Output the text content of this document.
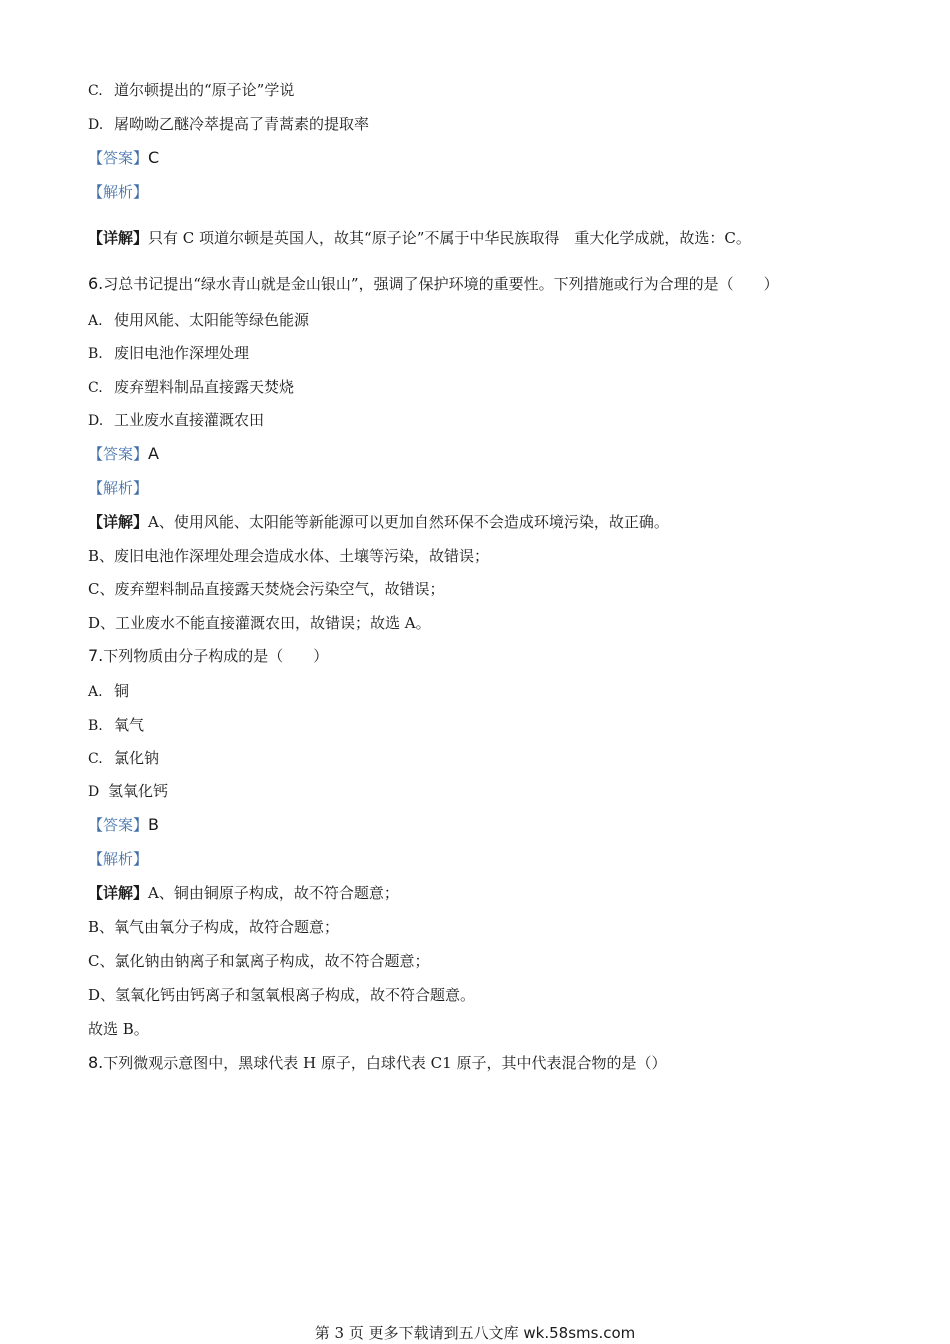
C. 道尔顿提出的“原子论”学说
D. 屠呦呦乙醚冷萃提高了青蒿素的提取率
【答案】C
【解析】
【详解】只有 C 项道尔顿是英国人，故其“原子论”不属于中华民族取得　重大化学成就，故选：C。
6.习总书记提出“绿水青山就是金山银山”，强调了保护环境的重要性。下列措施或行为合理的是（　　）
A. 使用风能、太阳能等绿色能源
B. 废旧电池作深埋处理
C. 废弃塑料制品直接露天焚烧
D. 工业废水直接灌溉农田
【答案】A
【解析】
【详解】A、使用风能、太阳能等新能源可以更加自然环保不会造成环境污染，故正确。
B、废旧电池作深埋处理会造成水体、土壤等污染，故错误；
C、废弃塑料制品直接露天焚烧会污染空气，故错误；
D、工业废水不能直接灌溉农田，故错误；故选 A。
7.下列物质由分子构成的是（　　）
A. 铜
B. 氧气
C. 氯化钠
D 氢氧化钙
【答案】B
【解析】
【详解】A、铜由铜原子构成，故不符合题意；
B、氧气由氧分子构成，故符合题意；
C、氯化钠由钠离子和氯离子构成，故不符合题意；
D、氢氧化钙由钙离子和氢氧根离子构成，故不符合题意。
故选 B。
8.下列微观示意图中，黑球代表 H 原子，白球代表 C1 原子，其中代表混合物的是（）
第 3 页 更多下载请到五八文库 wk.58sms.com
